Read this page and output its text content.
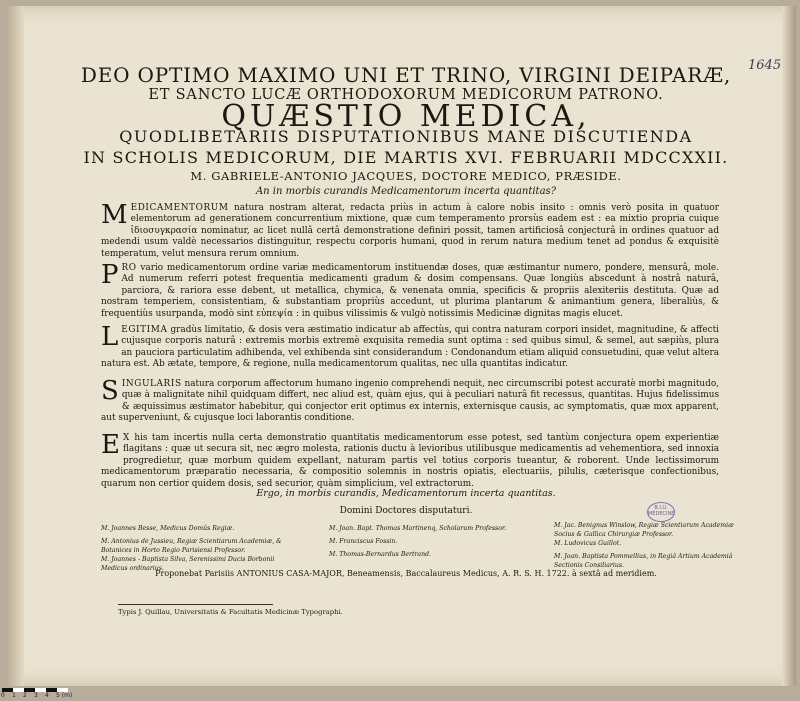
1645
DEO OPTIMO MAXIMO UNI ET TRINO, VIRGINI DEIPARÆ,
ET SANCTO LUCÆ ORTHODOXORUM MEDICORUM PATRONO.
QUÆSTIO MEDICA,
QUODLIBETARIIS DISPUTATIONIBUS MANE DISCUTIENDA
IN SCHOLIS MEDICORUM, DIE MARTIS XVI. FEBRUARII MDCCXXII.
M. GABRIELE-ANTONIO JACQUES, DOCTORE MEDICO, PRÆSIDE.
An in morbis curandis Medicamentorum incerta quantitas?
MEDICAMENTORUM natura nostram alterat, redacta priùs in actum à calore nobis insito : omnis verò posita in quatuor elementorum ad generationem concurrentium mixtione, quæ cum temperamento prorsùs eadem est : ea mixtio propria cuique ἰδιοσυγκρασία nominatur, ac licet nullâ certâ demonstratione definiri possit, tamen artificiosâ conjecturâ in ordines quatuor ad medendi usum valdè necessarios distinguitur, respectu corporis humani, quod in rerum natura medium tenet ad pondus & exquisitè temperatum, velut mensura rerum omnium.
PRO vario medicamentorum ordine variæ medicamentorum instituendæ doses, quæ æstimantur numero, pondere, mensurâ, mole. Ad numerum referri potest frequentia medicamenti gradum & dosim compensans. Quæ longiùs abscedunt à nostrâ naturâ, parciora, & rariora esse debent, ut metallica, chymica, & venenata omnia, specificis & propriis alexiteriis destituta. Quæ ad nostram temperiem, consistentiam, & substantiam propriùs accedunt, ut plurima plantarum & animantium genera, liberaliùs, & frequentiùs usurpanda, modò sint εὐπεψία : in quibus vilissimis & vulgò notissimis Medicinæ dignitas magis elucet.
LEGITIMA gradùs limitatio, & dosis vera æstimatio indicatur ab affectùs, qui contra naturam corpori insidet, magnitudine, & affecti cujusque corporis naturâ : extremis morbis extremè exquisita remedia sunt optima : sed quibus simul, & semel, aut sæpiùs, plura an pauciora particulatim adhibenda, vel exhibenda sint considerandum : Condonandum etiam aliquid consuetudini, quæ velut altera natura est. Ab ætate, tempore, & regione, nulla medicamentorum qualitas, nec ulla quantitas indicatur.
SINGULARIS natura corporum affectorum humano ingenio comprehendi nequit, nec circumscribi potest accuratè morbi magnitudo, quæ à malignitate nihil quidquam differt, nec aliud est, quàm ejus, qui à peculiari naturâ fit recessus, quantitas. Hujus fidelissimus & æquissimus æstimator habebitur, qui conjector erit optimus ex internis, externisque causis, ac symptomatis, quæ mox apparent, aut superveniunt, & cujusque loci laborantis conditione.
E X his tam incertis nulla certa demonstratio quantitatis medicamentorum esse potest, sed tantùm conjectura opem experientiæ flagitans : quæ ut secura sit, nec ægro molesta, rationis ductu à levioribus utilibusque medicamentis ad vehementiora, sed innoxia progredietur, quæ morbum quidem expellant, naturam partis vel totius corporis tueantur, & roborent. Unde lectissimorum medicamentorum præparatio necessaria, & compositio solemnis in nostris opiatis, electuariis, pilulis, cæterisque confectionibus, quarum non certior quidem dosis, sed securior, quàm simplicium, vel extractorum.
Ergo, in morbis curandis, Medicamentorum incerta quantitas.
Domini Doctores disputaturi.
M. Joannes Besse, Medicus Domûs Regiæ.
M. Antonius de Jussieu, Regiæ Scientiarum Academiæ, & Botanices in Horto Regio Parisiensi Professor.
M. Joannes - Baptista Silva, Serenissimi Ducis Borbonii Medicus ordinarius.
M. Joan. Bapt. Thomas Martinenq, Scholarum Professor.
M. Franciscus Fossin.
M. Thomas-Bernardus Bertrand.
M. Jac. Benignus Winslow, Regiæ Scientiarum Academiæ Socius & Gallica Chirurgiæ Professor.
M. Ludovicus Guillot.
M. Joan. Baptista Pommellius, in Regiâ Artium Academiâ Sectionis Consiliarius.
B.I.U. MÉDECINE
Proponebat Parisiis ANTONIUS CASA-MAJOR, Beneamensis, Baccalaureus Medicus, A. R. S. H. 1722. à sextâ ad meridiem.
Typis J. Quillau, Universitatis & Facultatis Medicinæ Typographi.
0 1 2 3 4 5 (m)
